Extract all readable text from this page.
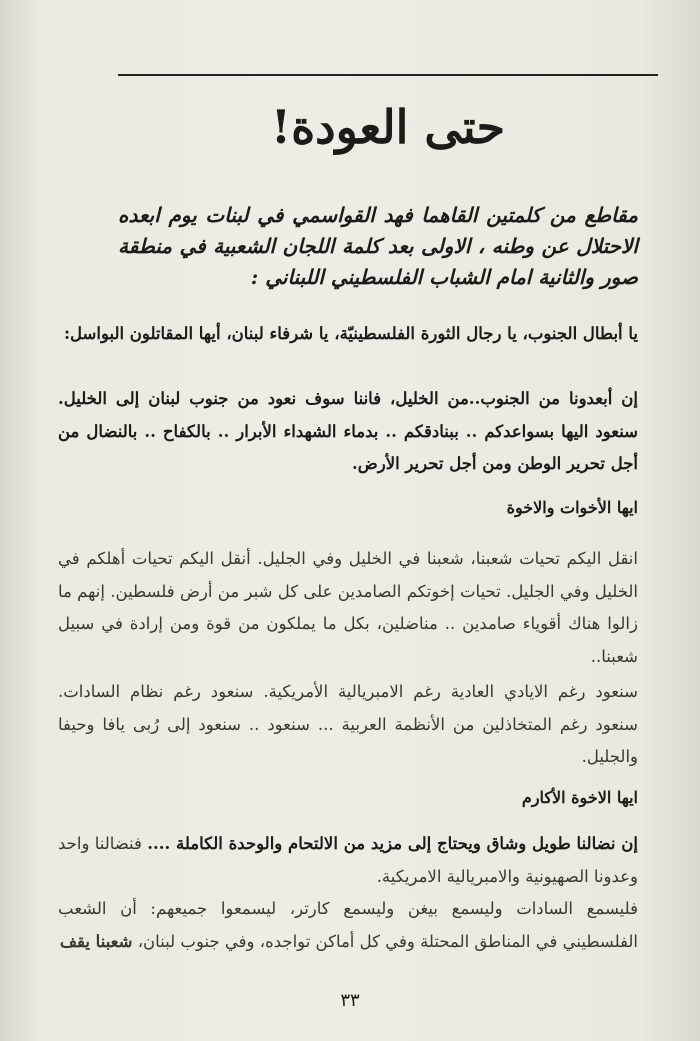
حتى العودة!
مقاطع من كلمتين القاهما فهد القواسمي في لبنات يوم ابعده الاحتلال عن وطنه ، الاولى بعد كلمة اللجان الشعبية في منطقة صور والثانية امام الشباب الفلسطيني اللبناني :
يا أبطال الجنوب، يا رجال الثورة الفلسطينيّة، يا شرفاء لبنان، أيها المقاتلون البواسل:
إن أبعدونا من الجنوب..من الخليل، فاننا سوف نعود من جنوب لبنان إلى الخليل. سنعود اليها بسواعدكم .. ببنادقكم .. بدماء الشهداء الأبرار .. بالكفاح .. بالنضال من أجل تحرير الوطن ومن أجل تحرير الأرض.
ايها الأخوات والاخوة
انقل اليكم تحيات شعبنا، شعبنا في الخليل وفي الجليل. أنقل اليكم تحيات أهلكم في الخليل وفي الجليل. تحيات إخوتكم الصامدين على كل شبر من أرض فلسطين. إنهم ما زالوا هناك أقوياء صامدين .. مناضلين، بكل ما يملكون من قوة ومن إرادة في سبيل شعبنا..
سنعود رغم الايادي العادية رغم الامبريالية الأمريكية. سنعود رغم نظام السادات. سنعود رغم المتخاذلين من الأنظمة العربية ... سنعود .. سنعود إلى رُبى يافا وحيفا والجليل.
ايها الاخوة الأكارم
إن نضالنا طويل وشاق ويحتاج إلى مزيد من الالتحام والوحدة الكاملة .... فنضالنا واحد وعدونا الصهيونية والامبريالية الامريكية.
فليسمع السادات وليسمع بيغن وليسمع كارتر، ليسمعوا جميعهم: أن الشعب الفلسطيني في المناطق المحتلة وفي كل أماكن تواجده، وفي جنوب لبنان، شعبنا يقف
٣٣
